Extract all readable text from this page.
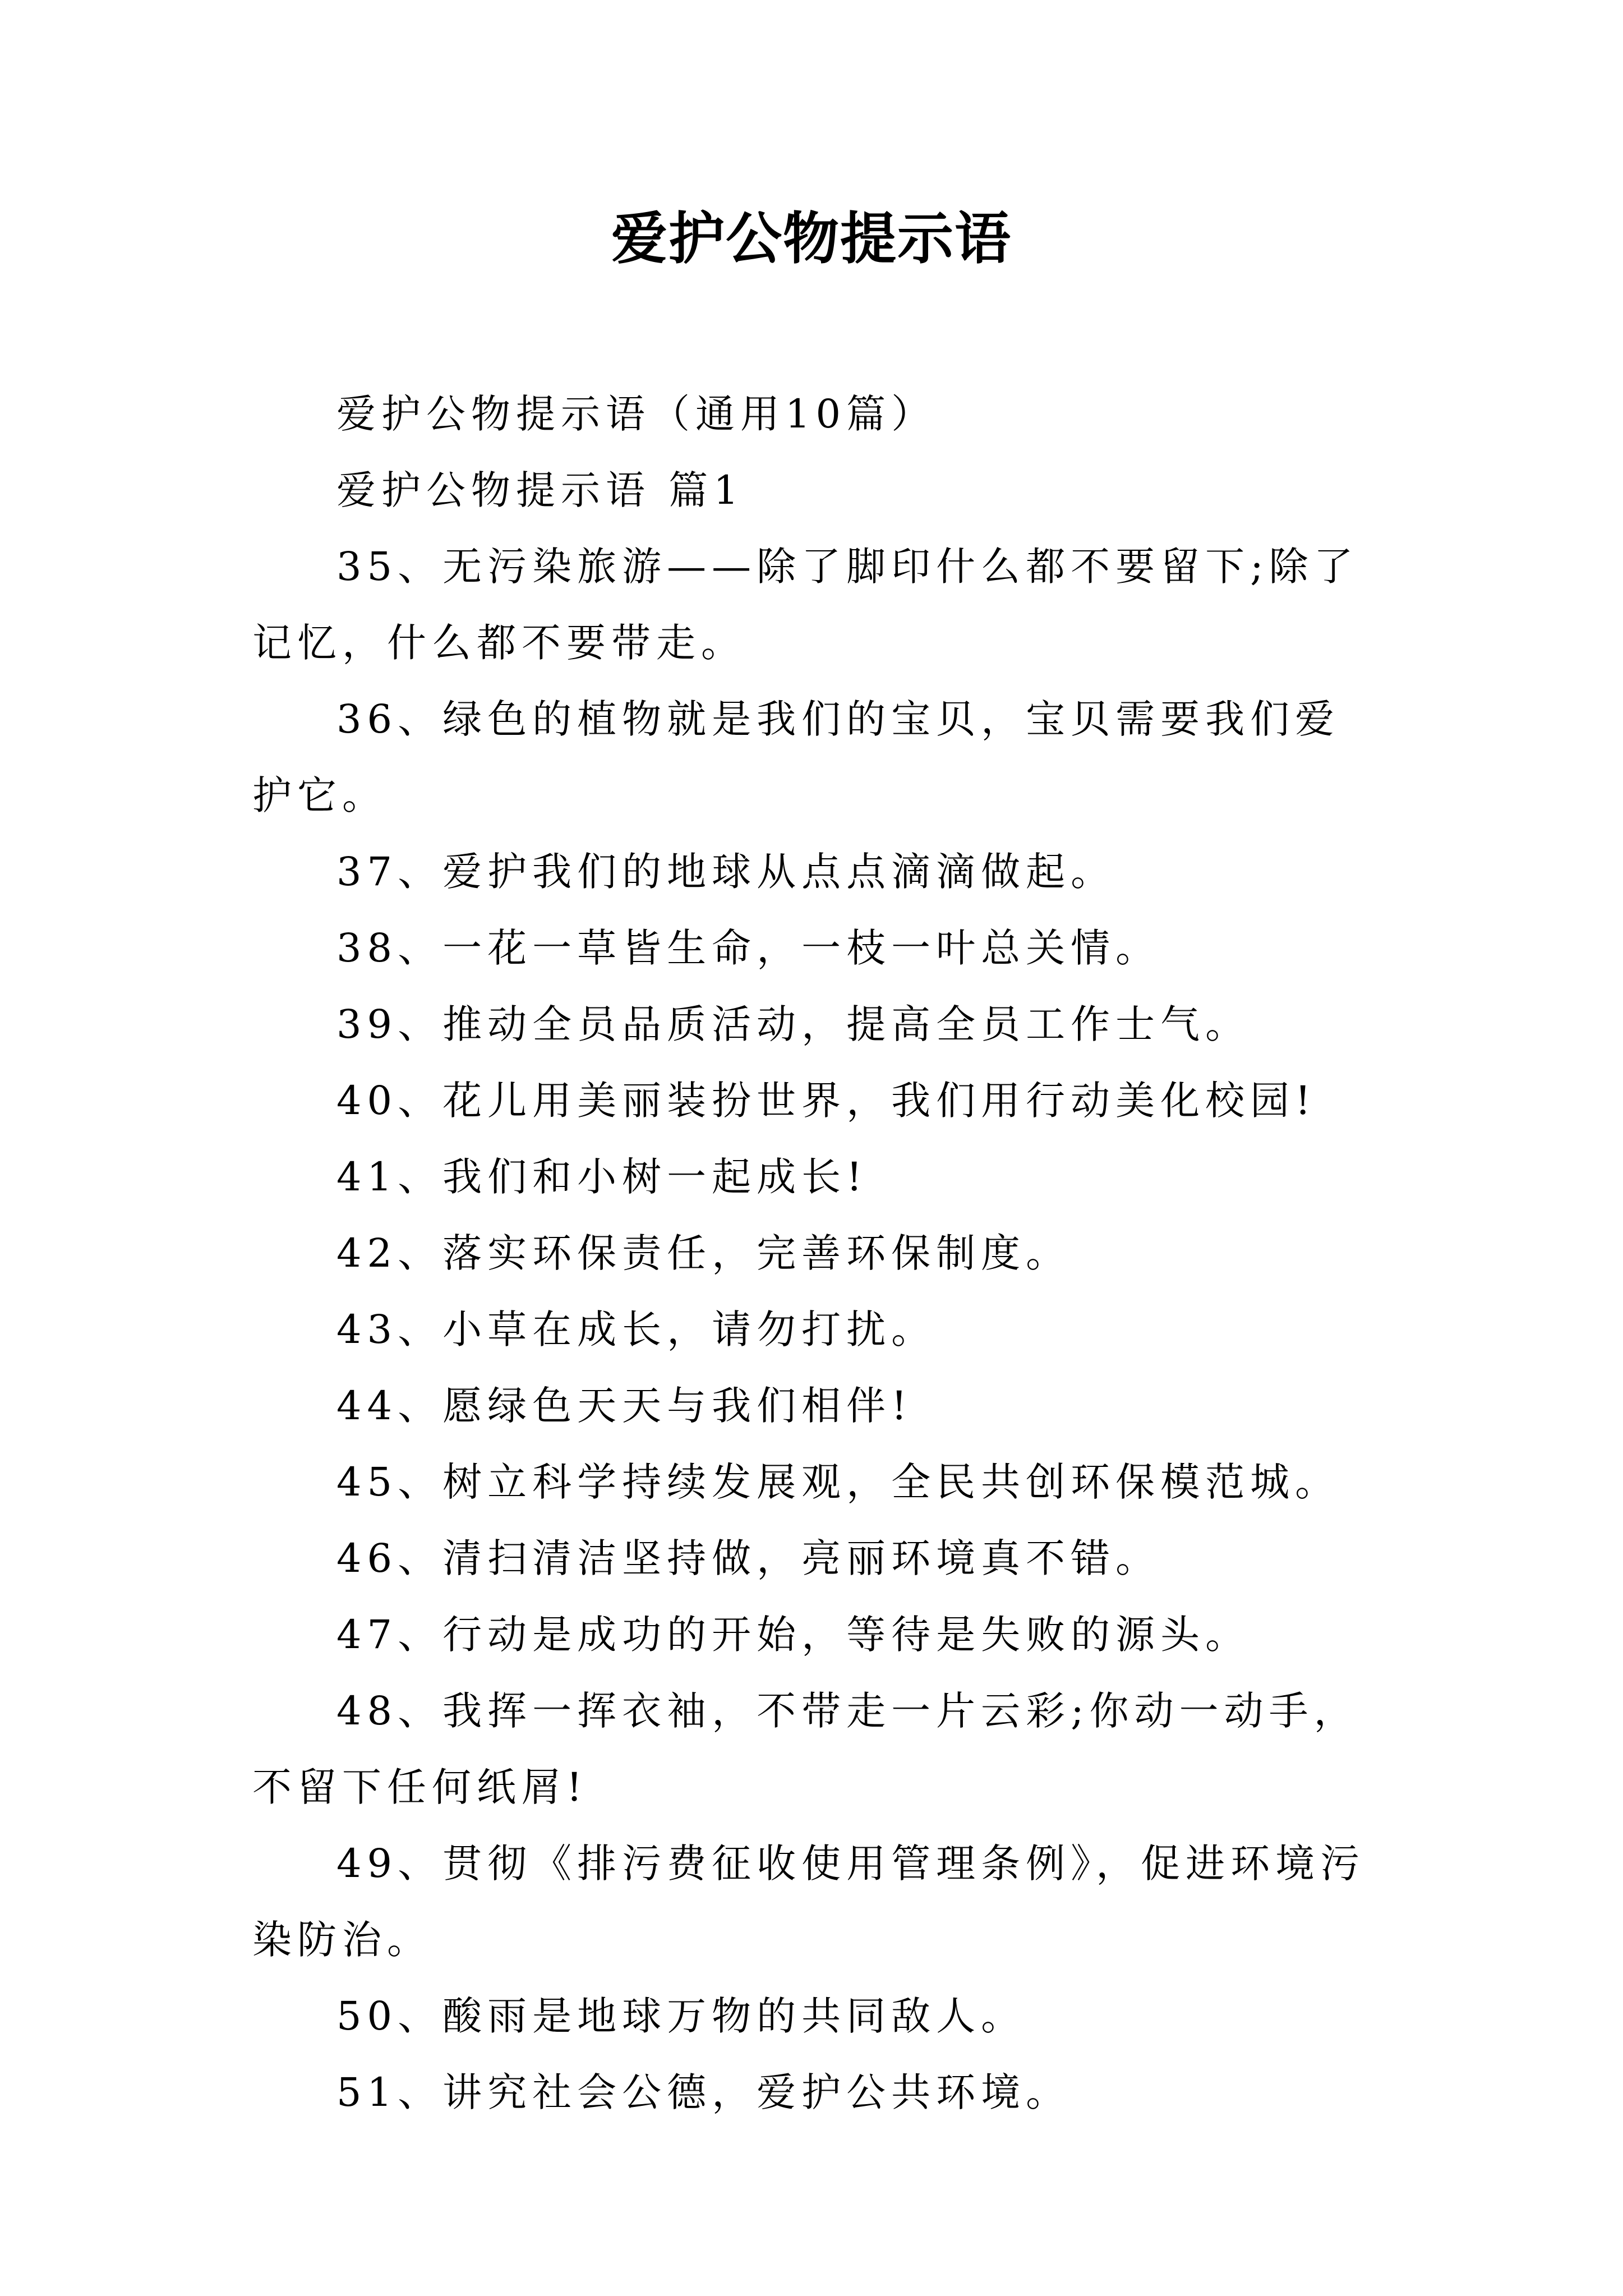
爱护公物提示语

爱护公物提示语（通用10篇）

爱护公物提示语 篇1

35、无污染旅游——除了脚印什么都不要留下;除了记忆，什么都不要带走。

36、绿色的植物就是我们的宝贝，宝贝需要我们爱护它。

37、爱护我们的地球从点点滴滴做起。

38、一花一草皆生命，一枝一叶总关情。

39、推动全员品质活动，提高全员工作士气。

40、花儿用美丽装扮世界，我们用行动美化校园!

41、我们和小树一起成长!

42、落实环保责任，完善环保制度。

43、小草在成长，请勿打扰。

44、愿绿色天天与我们相伴!

45、树立科学持续发展观，全民共创环保模范城。

46、清扫清洁坚持做，亮丽环境真不错。

47、行动是成功的开始，等待是失败的源头。

48、我挥一挥衣袖，不带走一片云彩;你动一动手，不留下任何纸屑!

49、贯彻《排污费征收使用管理条例》，促进环境污染防治。

50、酸雨是地球万物的共同敌人。

51、讲究社会公德，爱护公共环境。
